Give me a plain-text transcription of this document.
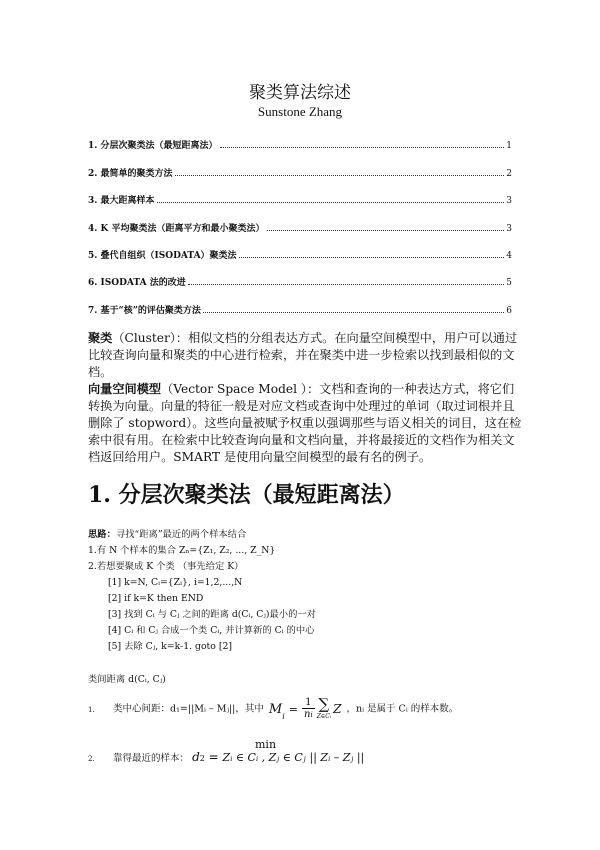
聚类算法综述
Sunstone Zhang
1. 分层次聚类法（最短距离法）	1
2. 最简单的聚类方法	2
3. 最大距离样本	3
4. K 平均聚类法（距离平方和最小聚类法）	3
5. 叠代自组织（ISODATA）聚类法	4
6. ISODATA 法的改进	5
7. 基于“核”的评估聚类方法	6
聚类（Cluster）：相似文档的分组表达方式。在向量空间模型中，用户可以通过比较查询向量和聚类的中心进行检索，并在聚类中进一步检索以找到最相似的文档。
向量空间模型（Vector Space Model ）：文档和查询的一种表达方式，将它们转换为向量。向量的特征一般是对应文档或查询中处理过的单词（取过词根并且删除了 stopword）。这些向量被赋予权重以强调那些与语义相关的词目，这在检索中很有用。在检索中比较查询向量和文档向量，并将最接近的文档作为相关文档返回给用户。SMART 是使用向量空间模型的最有名的例子。
1. 分层次聚类法（最短距离法）
思路：寻找“距离”最近的两个样本结合
1.有 N 个样本的集合 Zₙ={Z₁, Z₂, ..., Z_N}
2.若想要聚成 K 个类 （事先给定 K）
[1] k=N, Cᵢ={Zᵢ}, i=1,2,...,N
[2] if k=K then END
[3] 找到 Cᵢ 与 Cⱼ 之间的距离 d(Cᵢ, Cⱼ)最小的一对
[4] Cᵢ 和 Cⱼ 合成一个类 Cᵢ, 并计算新的 Cᵢ 的中心
[5] 去除 Cⱼ, k=k-1. goto [2]
类间距离 d(Cᵢ, Cⱼ)
1. 类中心间距：d₁=||Mᵢ – Mⱼ||，其中 M i
= $\frac{1}{ni}$ ∑
Z∈Cᵢ
Z ，nᵢ 是属于 Cᵢ 的样本数。
min
2. 靠得最近的样本： d2 = Zᵢ ∈ Cᵢ , Zⱼ ∈ Cⱼ || Zᵢ – Zⱼ ||
